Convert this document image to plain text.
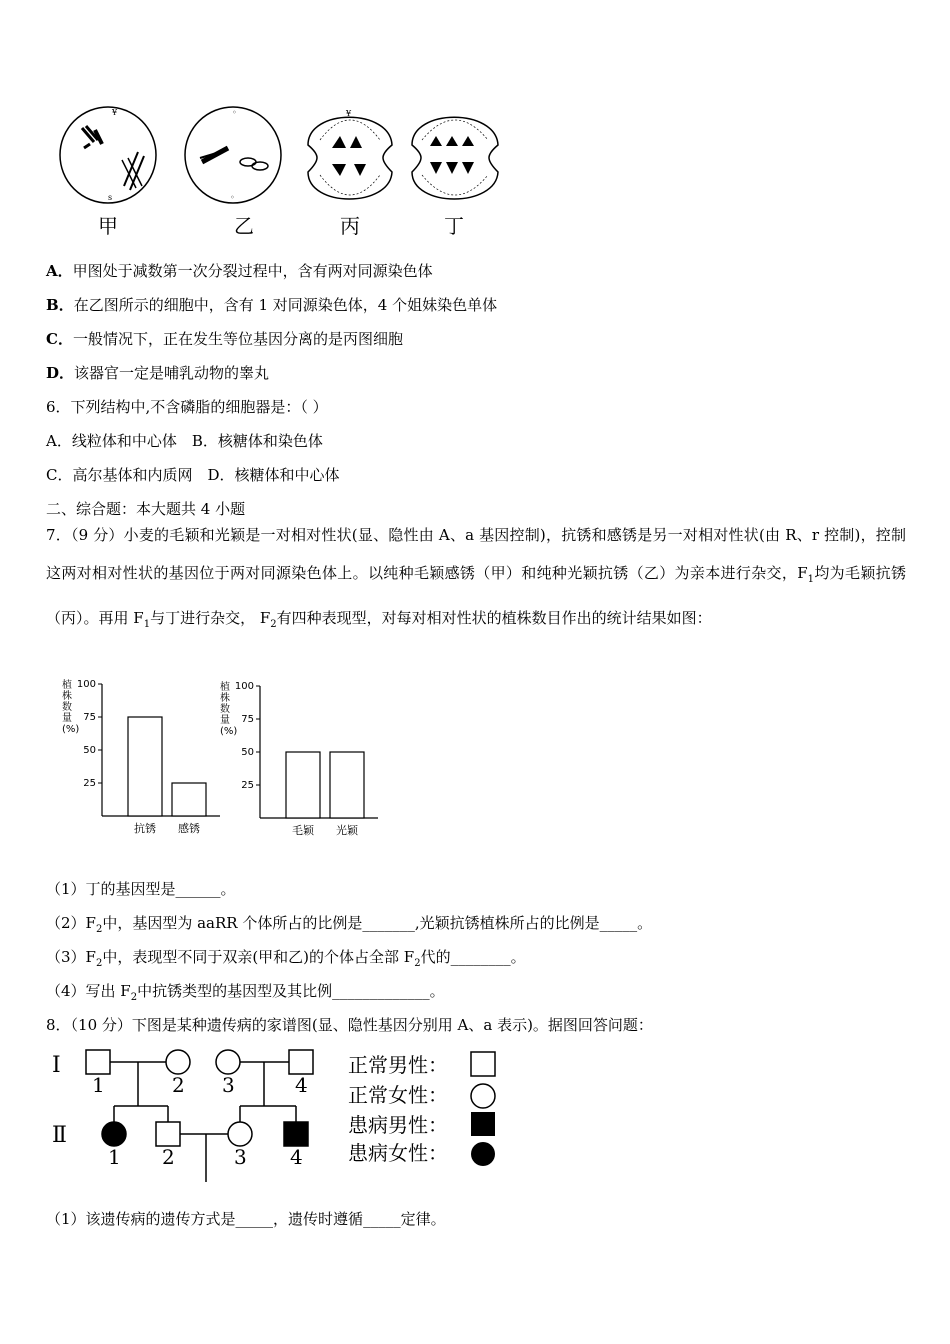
¥
s
◦
◦
¥
甲	乙	丙	丁
A．甲图处于减数第一次分裂过程中，含有两对同源染色体
B．在乙图所示的细胞中，含有 1 对同源染色体，4 个姐妹染色单体
C．一般情况下，正在发生等位基因分离的是丙图细胞
D．该器官一定是哺乳动物的睾丸
6．下列结构中,不含磷脂的细胞器是：（ ）
A．线粒体和中心体　B．核糖体和染色体
C．高尔基体和内质网　D．核糖体和中心体
二、综合题：本大题共 4 小题
7．（9 分）小麦的毛颖和光颖是一对相对性状(显、隐性由 A、a 基因控制)，抗锈和感锈是另一对相对性状(由 R、r 控制)，控制这两对相对性状的基因位于两对同源染色体上。以纯种毛颖感锈（甲）和纯种光颖抗锈（乙）为亲本进行杂交，$F_1$均为毛颖抗锈（丙）。再用 $F_1$与丁进行杂交， $F_2$有四种表现型，对每对相对性状的植株数目作出的统计结果如图：
植
株
数
量
(%)
100
75
50
25
抗锈 感锈
植
株
数
量
(%)
100
75
50
25
毛颖 光颖
（1）丁的基因型是______。
$(2)F_2$中，基因型为 aaRR 个体所占的比例是_______,光颖抗锈植株所占的比例是_____。
$(3)F_2$中，表现型不同于双亲(甲和乙)的个体占全部 $F_2$代的________。
（4）写出 $F_2$中抗锈类型的基因型及其比例_____________。
8．（10 分）下图是某种遗传病的家谱图(显、隐性基因分别用 A、a 表示)。据图回答问题：
Ⅰ
Ⅱ
1	2 3	4
1 2	3 4
正常男性：
正常女性：
患病男性：
患病女性：
（1）该遗传病的遗传方式是_____，遗传时遵循_____定律。
